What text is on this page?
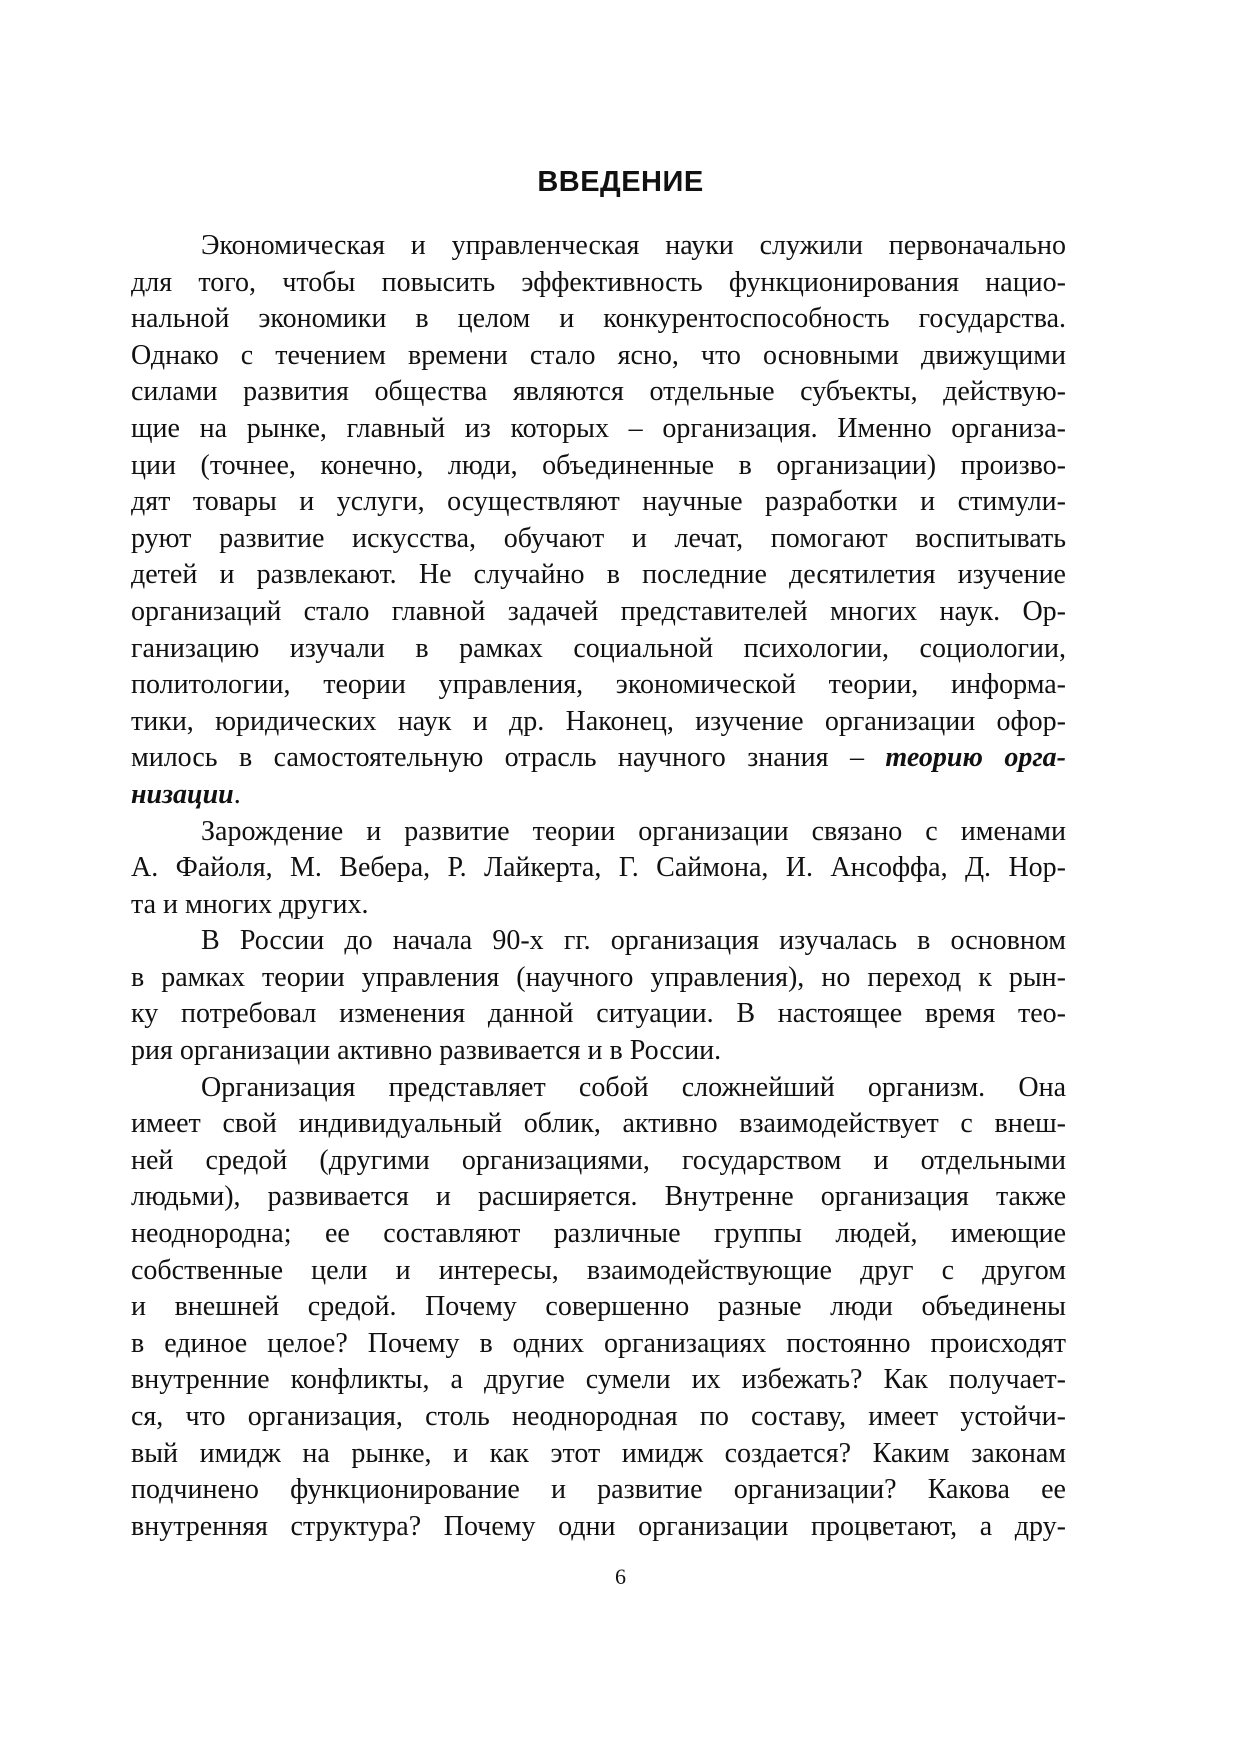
ВВЕДЕНИЕ
Экономическая и управленческая науки служили первоначально
для того, чтобы повысить эффективность функционирования нацио-
нальной экономики в целом и конкурентоспособность государства.
Однако с течением времени стало ясно, что основными движущими
силами развития общества являются отдельные субъекты, действую-
щие на рынке, главный из которых – организация. Именно организа-
ции (точнее, конечно, люди, объединенные в организации) произво-
дят товары и услуги, осуществляют научные разработки и стимули-
руют развитие искусства, обучают и лечат, помогают воспитывать
детей и развлекают. Не случайно в последние десятилетия изучение
организаций стало главной задачей представителей многих наук. Ор-
ганизацию изучали в рамках социальной психологии, социологии,
политологии, теории управления, экономической теории, информа-
тики, юридических наук и др. Наконец, изучение организации офор-
милось в самостоятельную отрасль научного знания – теорию орга-
низации.
Зарождение и развитие теории организации связано с именами
А. Файоля, М. Вебера, Р. Лайкерта, Г. Саймона, И. Ансоффа, Д. Нор-
та и многих других.
В России до начала 90-х гг. организация изучалась в основном
в рамках теории управления (научного управления), но переход к рын-
ку потребовал изменения данной ситуации. В настоящее время тео-
рия организации активно развивается и в России.
Организация представляет собой сложнейший организм. Она
имеет свой индивидуальный облик, активно взаимодействует с внеш-
ней средой (другими организациями, государством и отдельными
людьми), развивается и расширяется. Внутренне организация также
неоднородна; ее составляют различные группы людей, имеющие
собственные цели и интересы, взаимодействующие друг с другом
и внешней средой. Почему совершенно разные люди объединены
в единое целое? Почему в одних организациях постоянно происходят
внутренние конфликты, а другие сумели их избежать? Как получает-
ся, что организация, столь неоднородная по составу, имеет устойчи-
вый имидж на рынке, и как этот имидж создается? Каким законам
подчинено функционирование и развитие организации? Какова ее
внутренняя структура? Почему одни организации процветают, а дру-
6
